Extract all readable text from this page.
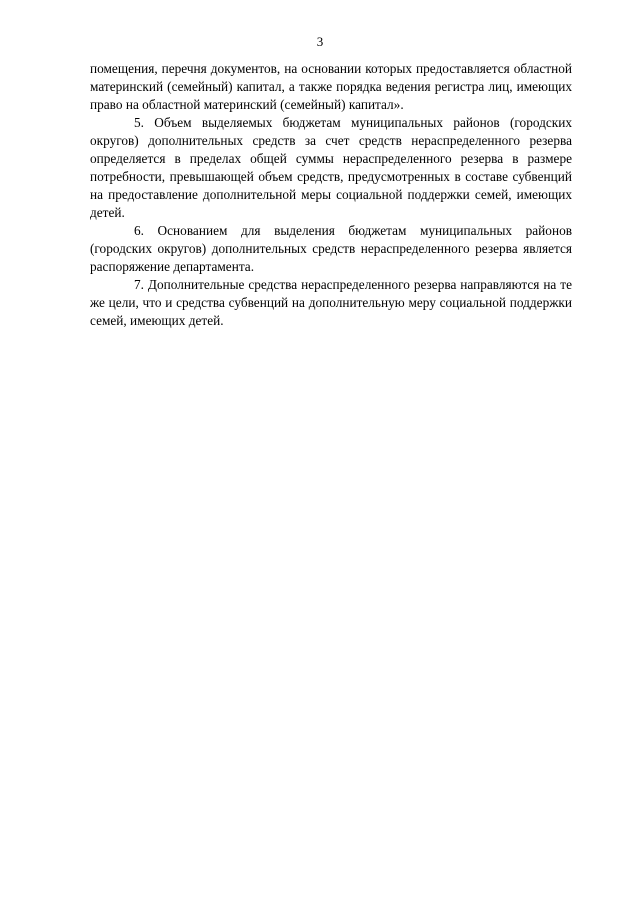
3

помещения, перечня документов, на основании которых предоставляется областной материнский (семейный) капитал, а также порядка ведения регистра лиц, имеющих право на областной материнский (семейный) капитал».

5. Объем выделяемых бюджетам муниципальных районов (городских округов) дополнительных средств за счет средств нераспределенного резерва определяется в пределах общей суммы нераспределенного резерва в размере потребности, превышающей объем средств, предусмотренных в составе субвенций на предоставление дополнительной меры социальной поддержки семей, имеющих детей.

6. Основанием для выделения бюджетам муниципальных районов (городских округов) дополнительных средств нераспределенного резерва является распоряжение департамента.

7. Дополнительные средства нераспределенного резерва направляются на те же цели, что и средства субвенций на дополнительную меру социальной поддержки семей, имеющих детей.
